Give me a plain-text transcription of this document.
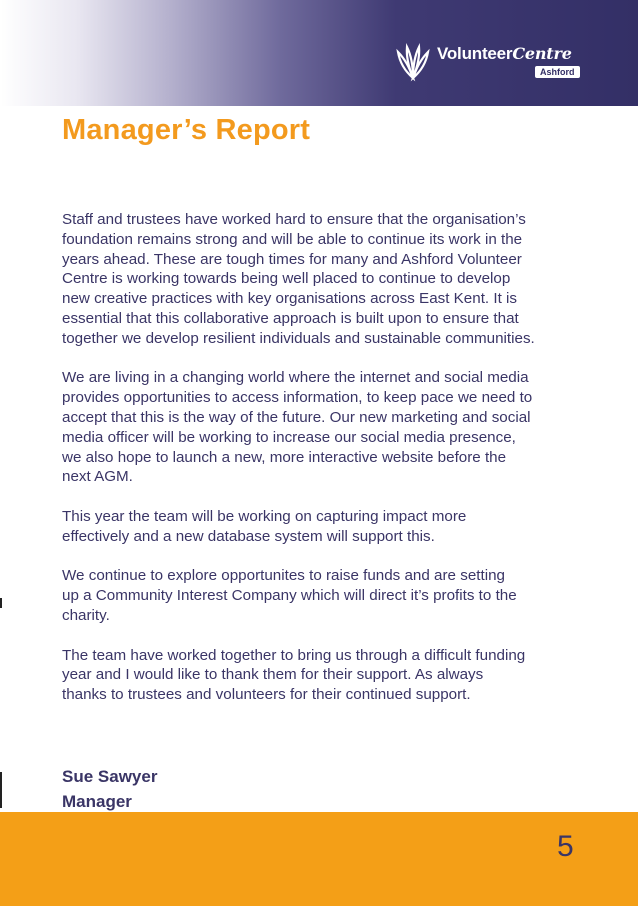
VolunteerCentre
Ashford
Manager’s Report

Staff and trustees have worked hard to ensure that the organisation’s
foundation remains strong and will be able to continue its work in the
years ahead. These are tough times for many and Ashford Volunteer
Centre is working towards being well placed to continue to develop
new creative practices with key organisations across East Kent. It is
essential that this collaborative approach is built upon to ensure that
together we develop resilient individuals and sustainable communities.

We are living in a changing world where the internet and social media
provides opportunities to access information, to keep pace we need to
accept that this is the way of the future. Our new marketing and social
media officer will be working to increase our social media presence,
we also hope to launch a new, more interactive website before the
next AGM.

This year the team will be working on capturing impact more
effectively and a new database system will support this.

We continue to explore opportunites to raise funds and are setting
up a Community Interest Company which will direct it’s profits to the
charity.

The team have worked together to bring us through a difficult funding
year and I would like to thank them for their support. As always
thanks to trustees and volunteers for their continued support.

Sue Sawyer
Manager
5
